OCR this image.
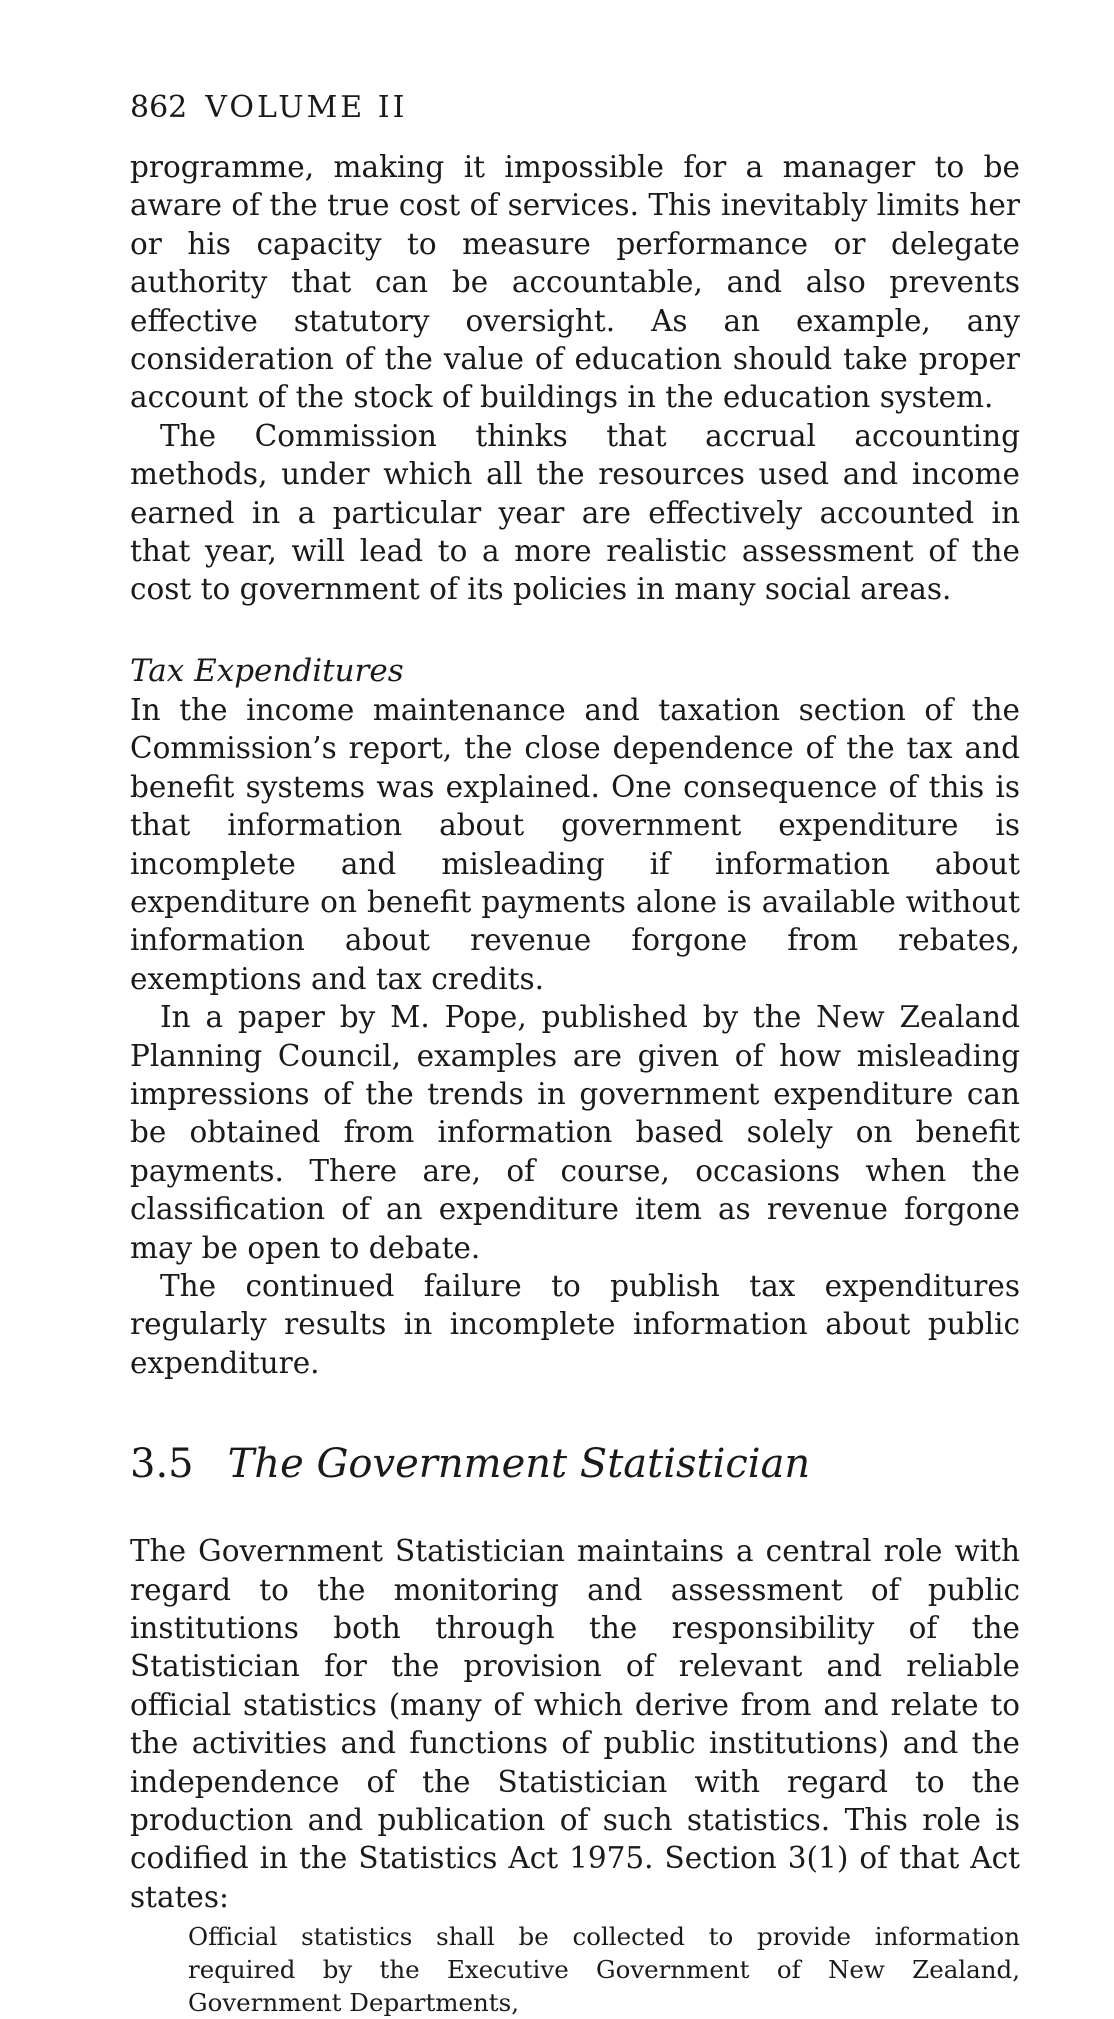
862 VOLUME II

programme, making it impossible for a manager to be aware of the true cost of services. This inevitably limits her or his capacity to measure performance or delegate authority that can be accountable, and also prevents effective statutory oversight. As an example, any consideration of the value of education should take proper account of the stock of buildings in the education system.

The Commission thinks that accrual accounting methods, under which all the resources used and income earned in a particular year are effectively accounted in that year, will lead to a more realistic assessment of the cost to government of its policies in many social areas.

Tax Expenditures

In the income maintenance and taxation section of the Commission’s report, the close dependence of the tax and benefit systems was explained. One consequence of this is that information about government expenditure is incomplete and misleading if information about expenditure on benefit payments alone is available without information about revenue forgone from rebates, exemptions and tax credits.

In a paper by M. Pope, published by the New Zealand Planning Council, examples are given of how misleading impressions of the trends in government expenditure can be obtained from information based solely on benefit payments. There are, of course, occasions when the classification of an expenditure item as revenue forgone may be open to debate.

The continued failure to publish tax expenditures regularly results in incomplete information about public expenditure.

3.5 The Government Statistician

The Government Statistician maintains a central role with regard to the monitoring and assessment of public institutions both through the responsibility of the Statistician for the provision of relevant and reliable official statistics (many of which derive from and relate to the activities and functions of public institutions) and the independence of the Statistician with regard to the production and publication of such statistics. This role is codified in the Statistics Act 1975. Section 3(1) of that Act states:

Official statistics shall be collected to provide information required by the Executive Government of New Zealand, Government Departments,
